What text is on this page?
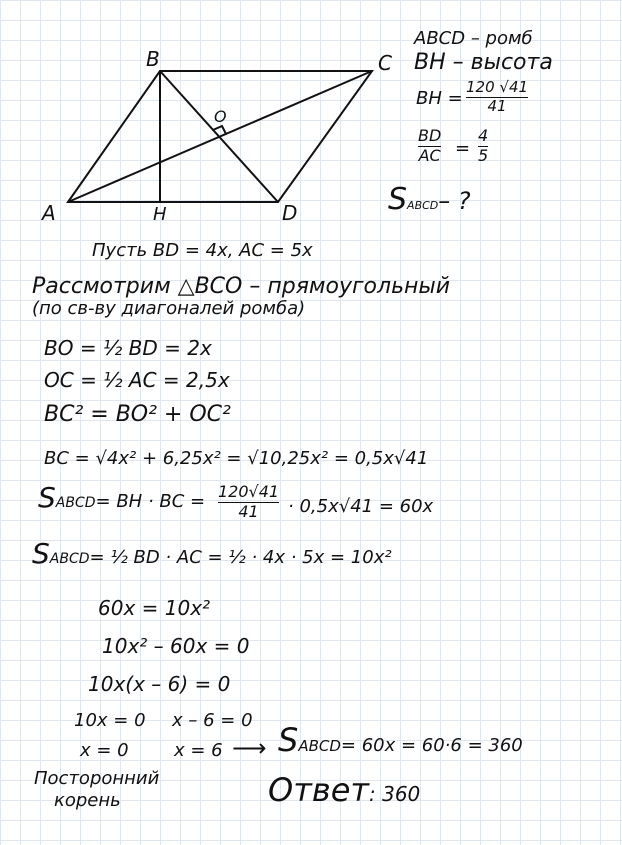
A
B	C
D
H
O
ABCD – ромб
BH – высота
BH =
120 √41
41
BD
AC =
4
5
SABCD– ?
Пусть BD = 4x, AC = 5x
Рассмотрим △BCO – прямоугольный
(по св-ву диагоналей ромба)
BO = ½ BD = 2x
OC = ½ AC = 2,5x
BC² = BO² + OC²
BC = √4x² + 6,25x² = √10,25x² = 0,5x√41
SABCD= BH · BC = 120√41
41 · 0,5x√41 = 60x
SABCD= ½ BD · AC = ½ · 4x · 5x = 10x²
60x = 10x²
10x² – 60x = 0
10x(x – 6) = 0
10x = 0 x – 6 = 0
x = 0	x = 6 ⟶ SABCD= 60x = 60·6 = 360
Посторонний
корень	Ответ: 360
